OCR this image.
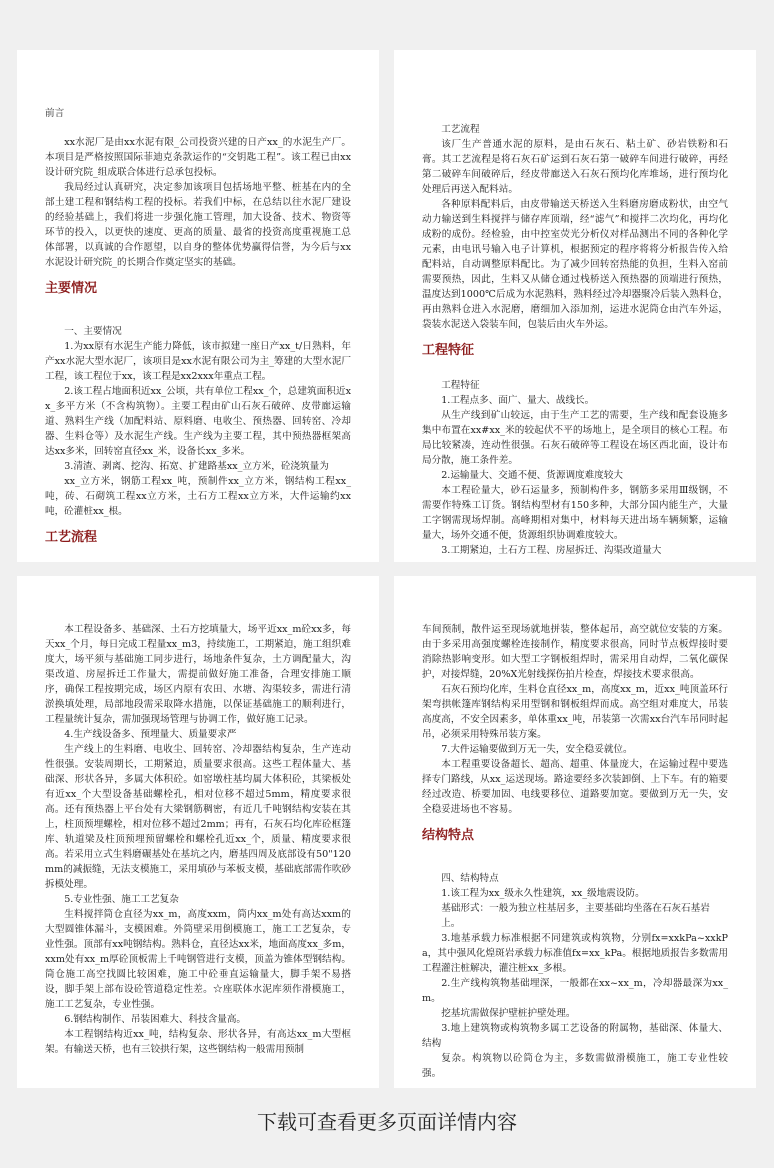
前言

xx水泥厂是由xx水泥有限_公司投资兴建的日产xx_的水泥生产厂。本项目是严格按照国际菲迪克条款运作的“交钥匙工程”。该工程已由xx设计研究院_组成联合体进行总承包投标。

我局经过认真研究，决定参加该项目包括场地平整、桩基在内的全部土建工程和钢结构工程的投标。若我们中标，在总结以往水泥厂建设的经验基础上，我们将进一步强化施工管理，加大设备、技术、物资等环节的投入，以更快的速度、更高的质量、最省的投资高度重视施工总体部署，以真诚的合作愿望，以自身的整体优势赢得信誉，为今后与xx水泥设计研究院_的长期合作奠定坚实的基础。

主要情况

一、主要情况

1.为xx原有水泥生产能力降低，该市拟建一座日产xx_t/日熟料，年产xx水泥大型水泥厂，该项目是xx水泥有限公司为主_筹建的大型水泥厂工程，该工程位于xx，该工程是xx2xxx年重点工程。

2.该工程占地面积近xx_公顷，共有单位工程xx_个，总建筑面积近xx_多平方米（不含构筑物）。主要工程由矿山石灰石破碎、皮带廊运输道、熟料生产线（加配料站、原料磨、电收尘、预热器、回转窑、冷却器、生料仓等）及水泥生产线。生产线为主要工程，其中预热器框架高达xx多米，回转窑直径xx_米，设备长xx_多米。

3.清渣、剥离、挖沟、拓宽、扩建路基xx_立方米，砼浇筑量为

xx_立方米，钢筋工程xx_吨，预制件xx_立方米，钢结构工程xx_吨，砖、石砌筑工程xx立方米，土石方工程xx立方米，大件运输约xx吨，砼灌桩xx_根。

工艺流程

工艺流程

该厂生产普通水泥的原料，是由石灰石、粘土矿、砂岩铁粉和石膏。其工艺流程是将石灰石矿运到石灰石第一破碎车间进行破碎，再经第二破碎车间破碎后，经皮带廊送入石灰石预均化库堆场，进行预均化处理后再送入配料站。

各种原料配料后，由皮带输送天桥送入生料磨房磨成粉状，由空气动力输送到生料搅拌与储存库顶端，经“滤气”和搅拌二次均化，再均化成粉的成份。经检验，由中控室荧光分析仪对样品测出不同的各种化学元素，由电讯号输入电子计算机，根据预定的程序将将分析报告传入给配料站，自动调整原料配比。为了减少回转窑热能的负担，生料入窑前需要预热，因此，生料又从储仓通过栈桥送入预热器的顶端进行预热，温度达到1000℃后成为水泥熟料，熟料经过冷却器聚冷后装入熟料仓，再由熟料仓进入水泥磨，磨细加入添加剂，运进水泥筒仓由汽车外运，袋装水泥送入袋装车间，包装后由火车外运。

工程特征

工程特征

1.工程点多、面广、量大、战线长。

从生产线到矿山较远，由于生产工艺的需要，生产线和配套设施多集中布置在xx#xx_米的较起伏不平的场地上，是全项目的核心工程。布局比较紧凑，连动性很强。石灰石破碎等工程设在场区西北面，设计布局分散，施工条件差。

2.运输量大、交通不便、货源调度难度较大

本工程砼量大，砂石运量多，预制构件多，钢筋多采用Ⅲ级钢，不需要作特殊工订货。钢结构型材有150多种，大部分国内能生产，大量工字钢需现场焊制。高峰期相对集中，材料每天进出场车辆频繁，运输量大，场外交通不便，货源组织协调难度较大。

3.工期紧迫，土石方工程、房屋拆迁、沟渠改道量大

本工程设备多、基础深、土石方挖填量大，场平近xx_m砼xx多，每天xx_个月，每日完成工程量xx_m3，持续施工，工期紧迫，施工组织难度大，场平须与基础施工同步进行，场地条件复杂，土方调配量大，沟渠改道、房屋拆迁工作量大，需提前做好施工准备，合理安排施工顺序，确保工程按期完成，场区内原有农田、水塘、沟渠较多，需进行清淤换填处理，局部地段需采取降水措施，以保证基础施工的顺利进行，工程量统计复杂，需加强现场管理与协调工作，做好施工记录。

4.生产线设备多、预埋量大、质量要求严

生产线上的生料磨、电收尘、回转窑、冷却器结构复杂，生产连动性很强。安装周期长，工期紧迫，质量要求很高。这些工程体量大、基础深、形状各异，多属大体积砼。如窑墩柱基均属大体积砼，其梁板处有近xx_个大型设备基础螺栓孔，相对位移不超过5mm，精度要求很高。还有预热器上平台处有大梁钢筋稠密，有近几千吨钢结构安装在其上，柱顶预埋螺栓，相对位移不超过2mm；再有，石灰石均化库砼框篷库、轨道梁及柱顶预埋预留螺栓和螺栓孔近xx_个，质量、精度要求很高。若采用立式生料磨碾基处在基坑之内，磨基四周及底部设有50"120mm的减振缝，无法支模施工，采用填砂与苯板支模，基础底部需作吹砂拆模处理。

5.专业性强、施工工艺复杂

生料搅拌筒仓直径为xx_m，高度xxm，筒内xx_m处有高达xxm的大型圆锥体漏斗，支模困难。外筒壁采用倒模施工，施工工艺复杂，专业性强。顶部有xx吨钢结构。熟料仓，直径达xx米，地面高度xx_多m，xxm处有xx_m厚砼顶板需上千吨钢管进行支模，顶盖为锥体型钢结构。筒仓施工高空找圆比较困难，施工中砼垂直运输量大，脚手架不易搭设，脚手架上部布设砼管道稳定性差。☆座联体水泥库须作滑模施工，施工工艺复杂，专业性强。

6.钢结构制作、吊装困难大、科技含量高。

本工程钢结构近xx_吨，结构复杂、形状各异，有高达xx_m大型框架。有输送天桥，也有三铰拱行架，这些钢结构一般需用预制

车间预制，散件运至现场就地拼装，整体起吊，高空就位安装的方案。由于多采用高强度螺栓连接制作，精度要求很高，同时节点板焊接时要消除热影响变形。如大型工字钢板组焊时，需采用自动焊，二氧化碳保护，对接焊缝，20%X光射线探伤拍片检查，焊接技术要求很高。

石灰石预均化库，生料仓直径xx_m，高度xx_m，近xx_吨顶盖环行架弯拱帐篷库钢结构采用型钢和钢板组焊而成。高空组对难度大，吊装高度高，不安全因素多，单体重xx_吨，吊装第一次需xx台汽车吊同时起吊，必须采用特殊吊装方案。

7.大件运输要做到万无一失，安全稳妥就位。

本工程重要设备超长、超高、超重、体量庞大，在运输过程中要选择专门路线，从xx_运送现场。路途要经多次装卸倒、上下车。有的箱要经过改造、桥要加固、电线要移位、道路要加宽。要做到万无一失，安全稳妥进场也不容易。

结构特点

四、结构特点

1.该工程为xx_级永久性建筑，xx_级地震设防。

基础形式：一般为独立柱基居多，主要基础均坐落在石灰石基岩

上。

3.地基承载力标准根据不同建筑或构筑物，分别fx=xxkPa~xxkPa，其中强风化煌斑岩承载力标准值fx=xx_kPa。根据地质报告多数需用工程灌注桩解决，灌注桩xx_多根。

2.生产线构筑物基础埋深，一般都在xx~xx_m，冷却器最深为xx_m。

挖基坑需做保护壁桩护壁处理。

3.地上建筑物或构筑物多属工艺设备的附属物，基础深、体量大、结构

复杂。构筑物以砼筒仓为主，多数需做滑模施工，施工专业性较强。

下载可查看更多页面详情内容
